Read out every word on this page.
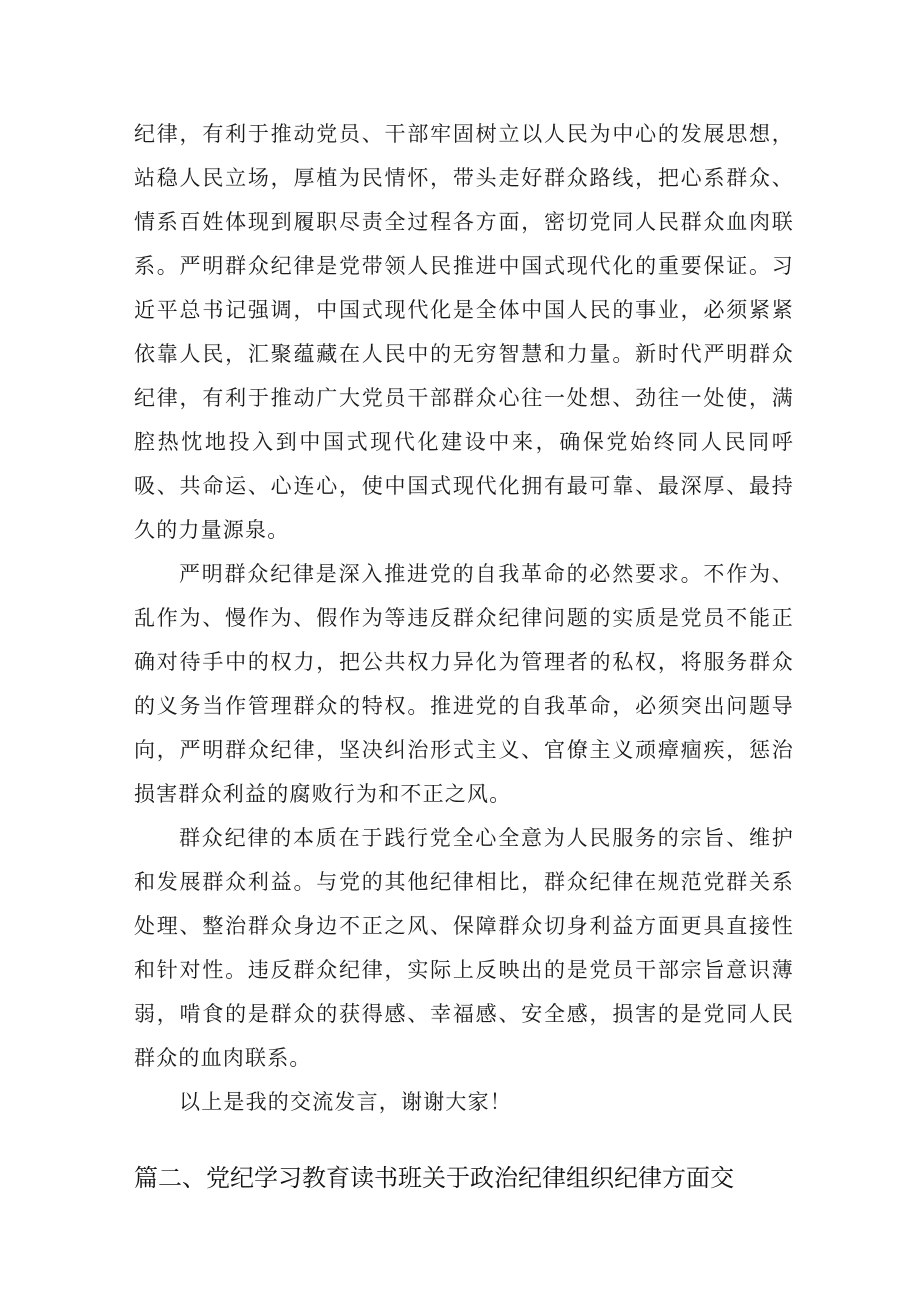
纪律，有利于推动党员、干部牢固树立以人民为中心的发展思想，站稳人民立场，厚植为民情怀，带头走好群众路线，把心系群众、情系百姓体现到履职尽责全过程各方面，密切党同人民群众血肉联系。严明群众纪律是党带领人民推进中国式现代化的重要保证。习近平总书记强调，中国式现代化是全体中国人民的事业，必须紧紧依靠人民，汇聚蕴藏在人民中的无穷智慧和力量。新时代严明群众纪律，有利于推动广大党员干部群众心往一处想、劲往一处使，满腔热忱地投入到中国式现代化建设中来，确保党始终同人民同呼吸、共命运、心连心，使中国式现代化拥有最可靠、最深厚、最持久的力量源泉。

严明群众纪律是深入推进党的自我革命的必然要求。不作为、乱作为、慢作为、假作为等违反群众纪律问题的实质是党员不能正确对待手中的权力，把公共权力异化为管理者的私权，将服务群众的义务当作管理群众的特权。推进党的自我革命，必须突出问题导向，严明群众纪律，坚决纠治形式主义、官僚主义顽瘴痼疾，惩治损害群众利益的腐败行为和不正之风。

群众纪律的本质在于践行党全心全意为人民服务的宗旨、维护和发展群众利益。与党的其他纪律相比，群众纪律在规范党群关系处理、整治群众身边不正之风、保障群众切身利益方面更具直接性和针对性。违反群众纪律，实际上反映出的是党员干部宗旨意识薄弱，啃食的是群众的获得感、幸福感、安全感，损害的是党同人民群众的血肉联系。

以上是我的交流发言，谢谢大家！

篇二、党纪学习教育读书班关于政治纪律组织纪律方面交
